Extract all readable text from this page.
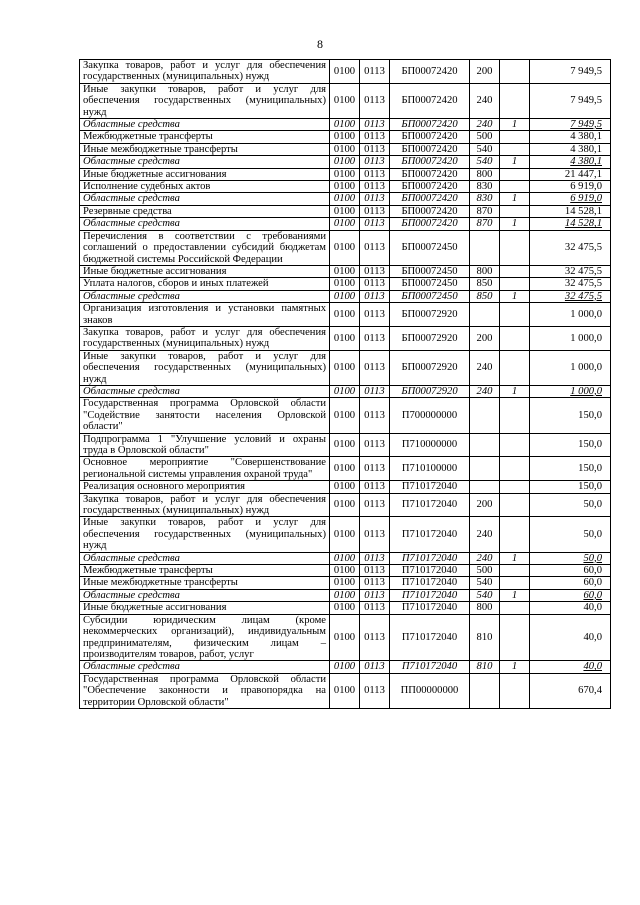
8
Закупка товаров, работ и услуг для обеспечения государственных (муниципальных) нужд	0100	0113	БП00072420	200		7 949,5
Иные закупки товаров, работ и услуг для обеспечения государственных (муниципальных) нужд	0100	0113	БП00072420	240		7 949,5
Областные средства	0100	0113	БП00072420	240	1	7 949,5
Межбюджетные трансферты	0100	0113	БП00072420	500		4 380,1
Иные межбюджетные трансферты	0100	0113	БП00072420	540		4 380,1
Областные средства	0100	0113	БП00072420	540	1	4 380,1
Иные бюджетные ассигнования	0100	0113	БП00072420	800		21 447,1
Исполнение судебных актов	0100	0113	БП00072420	830		6 919,0
Областные средства	0100	0113	БП00072420	830	1	6 919,0
Резервные средства	0100	0113	БП00072420	870		14 528,1
Областные средства	0100	0113	БП00072420	870	1	14 528,1
Перечисления в соответствии с требованиями соглашений о предоставлении субсидий бюджетам бюджетной системы Российской Федерации	0100	0113	БП00072450			32 475,5
Иные бюджетные ассигнования	0100	0113	БП00072450	800		32 475,5
Уплата налогов, сборов и иных платежей	0100	0113	БП00072450	850		32 475,5
Областные средства	0100	0113	БП00072450	850	1	32 475,5
Организация изготовления и установки памятных знаков	0100	0113	БП00072920			1 000,0
Закупка товаров, работ и услуг для обеспечения государственных (муниципальных) нужд	0100	0113	БП00072920	200		1 000,0
Иные закупки товаров, работ и услуг для обеспечения государственных (муниципальных) нужд	0100	0113	БП00072920	240		1 000,0
Областные средства	0100	0113	БП00072920	240	1	1 000,0
Государственная программа Орловской области "Содействие занятости населения Орловской области"	0100	0113	П700000000			150,0
Подпрограмма 1 "Улучшение условий и охраны труда в Орловской области"	0100	0113	П710000000			150,0
Основное мероприятие "Совершенствование региональной системы управления охраной труда"	0100	0113	П710100000			150,0
Реализация основного мероприятия	0100	0113	П710172040			150,0
Закупка товаров, работ и услуг для обеспечения государственных (муниципальных) нужд	0100	0113	П710172040	200		50,0
Иные закупки товаров, работ и услуг для обеспечения государственных (муниципальных) нужд	0100	0113	П710172040	240		50,0
Областные средства	0100	0113	П710172040	240	1	50,0
Межбюджетные трансферты	0100	0113	П710172040	500		60,0
Иные межбюджетные трансферты	0100	0113	П710172040	540		60,0
Областные средства	0100	0113	П710172040	540	1	60,0
Иные бюджетные ассигнования	0100	0113	П710172040	800		40,0
Субсидии юридическим лицам (кроме некоммерческих организаций), индивидуальным предпринимателям, физическим лицам – производителям товаров, работ, услуг	0100	0113	П710172040	810		40,0
Областные средства	0100	0113	П710172040	810	1	40,0
Государственная программа Орловской области "Обеспечение законности и правопорядка на территории Орловской области"	0100	0113	ПП00000000			670,4
